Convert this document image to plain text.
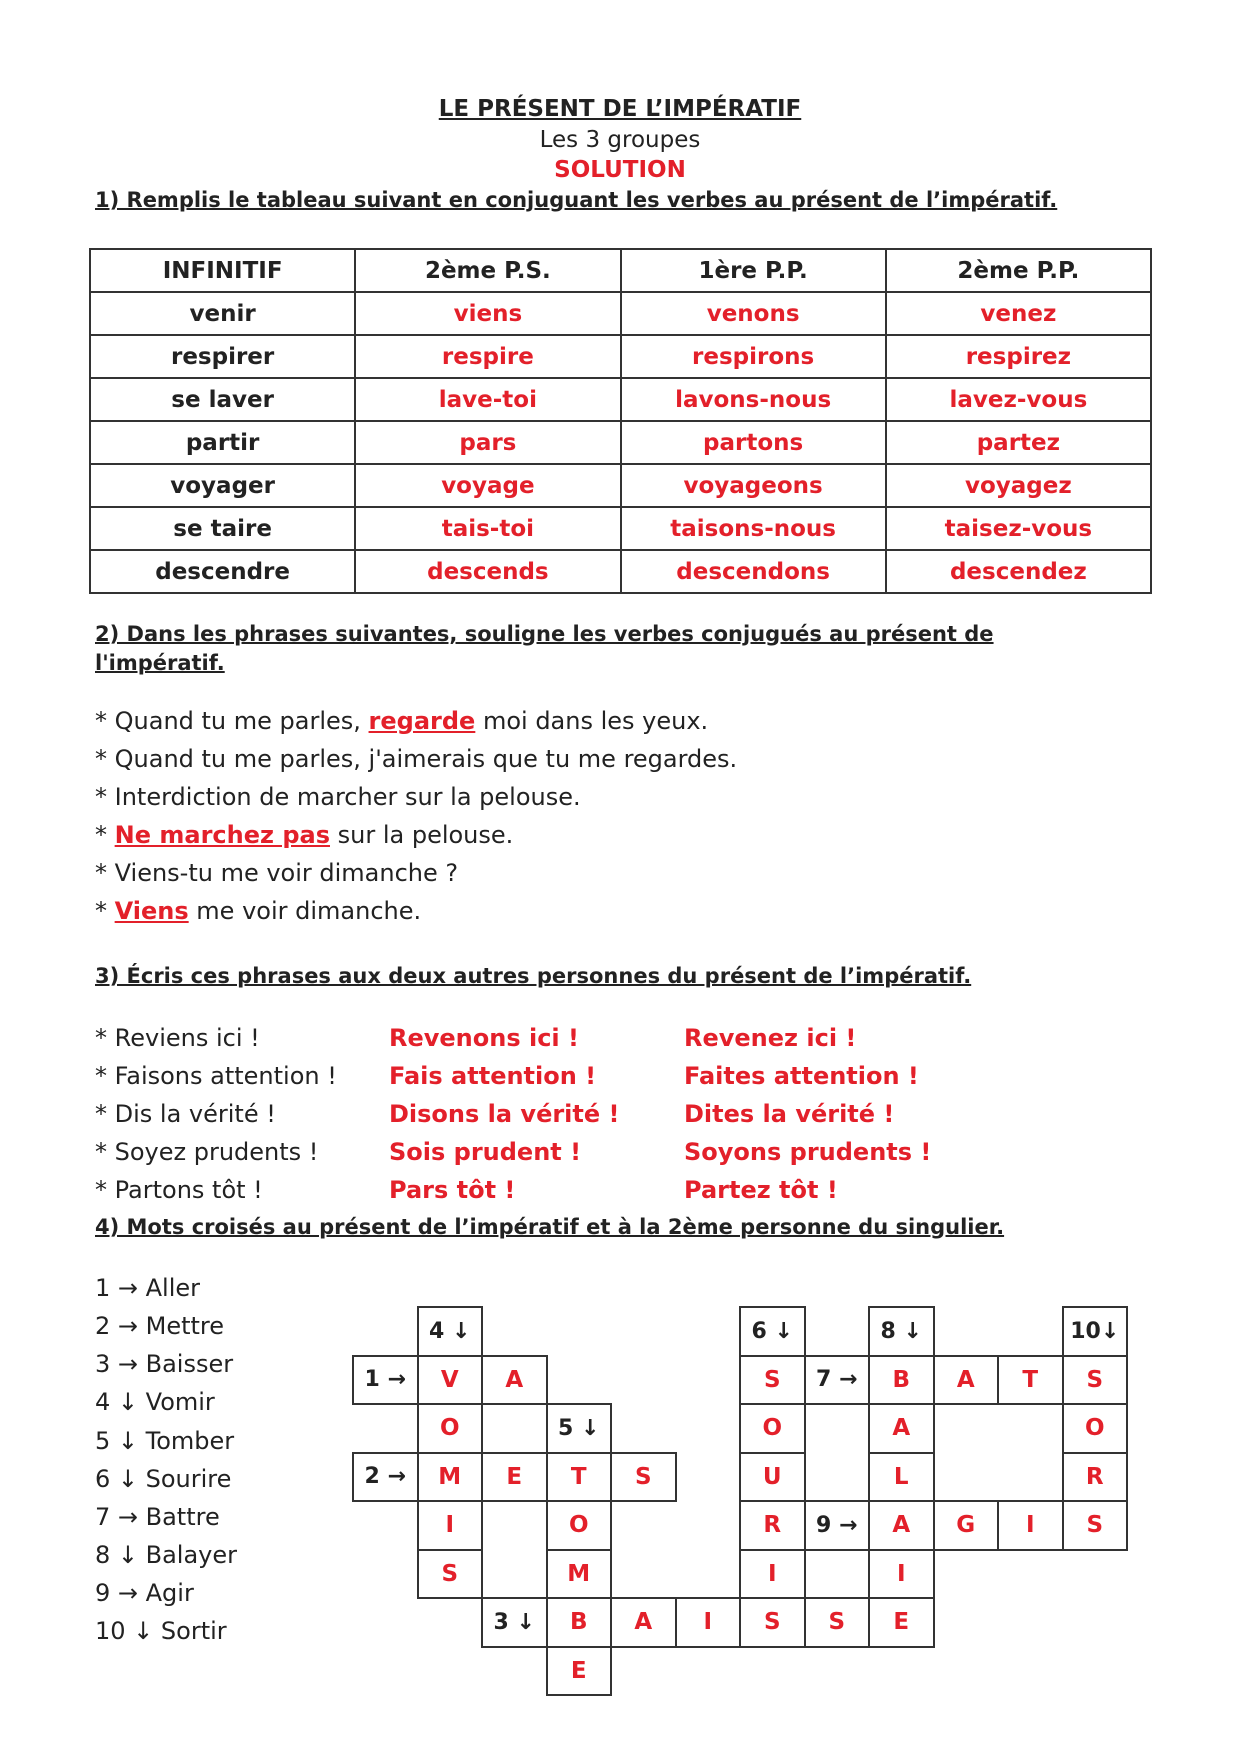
LE PRÉSENT DE L’IMPÉRATIF
Les 3 groupes
SOLUTION
1) Remplis le tableau suivant en conjuguant les verbes au présent de l’impératif.
INFINITIF	2ème P.S.	1ère P.P.	2ème P.P.
venir	viens	venons	venez
respirer	respire	respirons	respirez
se laver	lave-toi	lavons-nous	lavez-vous
partir	pars	partons	partez
voyager	voyage	voyageons	voyagez
se taire	tais-toi	taisons-nous	taisez-vous
descendre	descends	descendons	descendez
2) Dans les phrases suivantes, souligne les verbes conjugués au présent de l'impératif.
* Quand tu me parles, regarde moi dans les yeux.
* Quand tu me parles, j'aimerais que tu me regardes.
* Interdiction de marcher sur la pelouse.
* Ne marchez pas sur la pelouse.
* Viens-tu me voir dimanche ?
* Viens me voir dimanche.
3) Écris ces phrases aux deux autres personnes du présent de l’impératif.
* Reviens ici !	Revenons ici !	Revenez ici !
* Faisons attention ! Fais attention !	Faites attention !
* Dis la vérité !	Disons la vérité !	Dites la vérité !
* Soyez prudents !	Sois prudent !	Soyons prudents !
* Partons tôt !	Pars tôt !	Partez tôt !
4) Mots croisés au présent de l’impératif et à la 2ème personne du singulier.
1 → Aller
2 → Mettre
3 → Baisser
4 ↓ Vomir
5 ↓ Tomber
6 ↓ Sourire
7 → Battre
8 ↓ Balayer
9 → Agir
10 ↓ Sortir
4 ↓	6 ↓	8 ↓	10↓
1 →	V	A	S	7 →	B	A	T	S
O	5 ↓	O	A	O
2 →	M	E	T	S	U	L	R
I	O	R	9 →	A	G	I	S
S	M	I	I
3 ↓	B	A	I	S	S	E
E
